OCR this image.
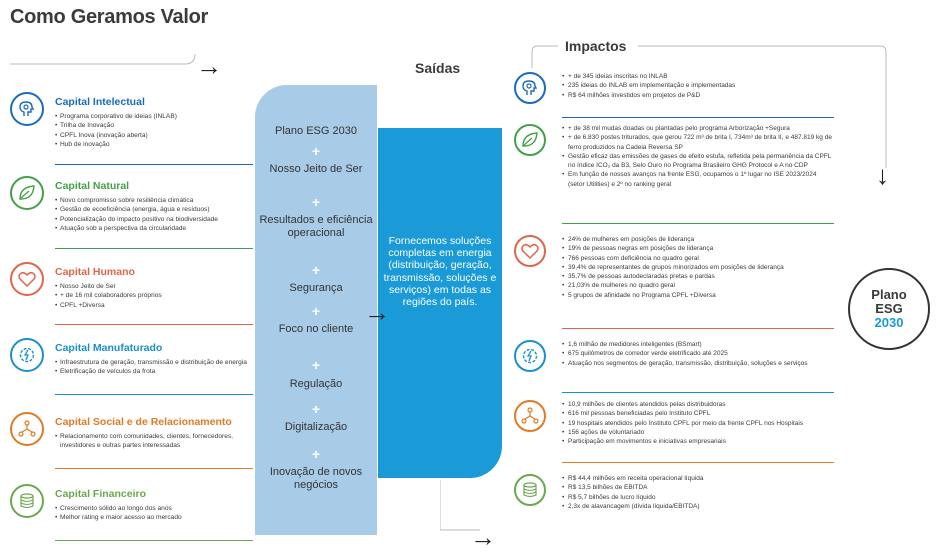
Como Geramos Valor
→
Capital Intelectual
• Programa corporativo de ideias (INLAB)
• Trilha de Inovação
• CPFL Inova (inovação aberta)
• Hub de inovação
Capital Natural
• Novo compromisso sobre resiliência climática
• Gestão de ecoeficiência (energia, água e resíduos)
• Potencialização do impacto positivo na biodiversidade
• Atuação sob a perspectiva da circularidade
Capital Humano
• Nosso Jeito de Ser
• + de 16 mil colaboradores próprios
• CPFL +Diversa
Capital Manufaturado
• Infraestrutura de geração, transmissão e distribuição de energia
• Eletrificação de veículos da frota
Capital Social e de Relacionamento
• Relacionamento com comunidades, clientes, fornecedores, investidores e outras partes interessadas
Capital Financeiro
• Crescimento sólido ao longo dos anos
• Melhor rating e maior acesso ao mercado
Plano ESG 2030
Nosso Jeito de Ser
Resultados e eficiência operacional
Segurança
Foco no cliente
Regulação
Digitalização
Inovação de novos negócios
+
+
+
+
+
+
+
Saídas
Fornecemos soluções completas em energia (distribuição, geração, transmissão, soluções e serviços) em todas as regiões do país.
→
→
Impactos
↓
• + de 345 ideias inscritas no INLAB
• 235 ideias do INLAB em implementação e implementadas
• R$ 64 milhões investidos em projetos de P&D
• + de 38 mil mudas doadas ou plantadas pelo programa Arborização +Segura
• + de 6.830 postes triturados, que gerou 722 m³ de brita I, 734m³ de brita II, e 487.819 kg de ferro produzidos na Cadeia Reversa SP
• Gestão eficaz das emissões de gases de efeito estufa, refletida pela permanência da CPFL no índice ICO₂ da B3, Selo Ouro no Programa Brasileiro GHG Protocol e A no CDP
• Em função de nossos avanços na frente ESG, ocupamos o 1º lugar no ISE 2023/2024 (setor Utilities) e 2º no ranking geral
• 24% de mulheres em posições de liderança
• 19% de pessoas negras em posições de liderança
• 766 pessoas com deficiência no quadro geral
• 39,4% de representantes de grupos minorizados em posições de liderança
• 35,7% de pessoas autodeclaradas pretas e pardas
• 21,03% de mulheres no quadro geral
• 5 grupos de afinidade no Programa CPFL +Diversa
• 1,6 milhão de medidores inteligentes (BSmart)
• 675 quilômetros de corredor verde eletrificado até 2025
• Atuação nos segmentos de geração, transmissão, distribuição, soluções e serviços
• 10,9 milhões de clientes atendidos pelas distribuidoras
• 616 mil pessoas beneficiadas pelo Instituto CPFL
• 19 hospitais atendidos pelo Instituto CPFL por meio da frente CPFL nos Hospitais
• 156 ações de voluntariado
• Participação em movimentos e iniciativas empresariais
• R$ 44,4 milhões em receita operacional líquida
• R$ 13,5 bilhões de EBITDA
• R$ 5,7 bilhões de lucro líquido
• 2,3x de alavancagem (dívida líquida/EBITDA)
Plano
ESG
2030
